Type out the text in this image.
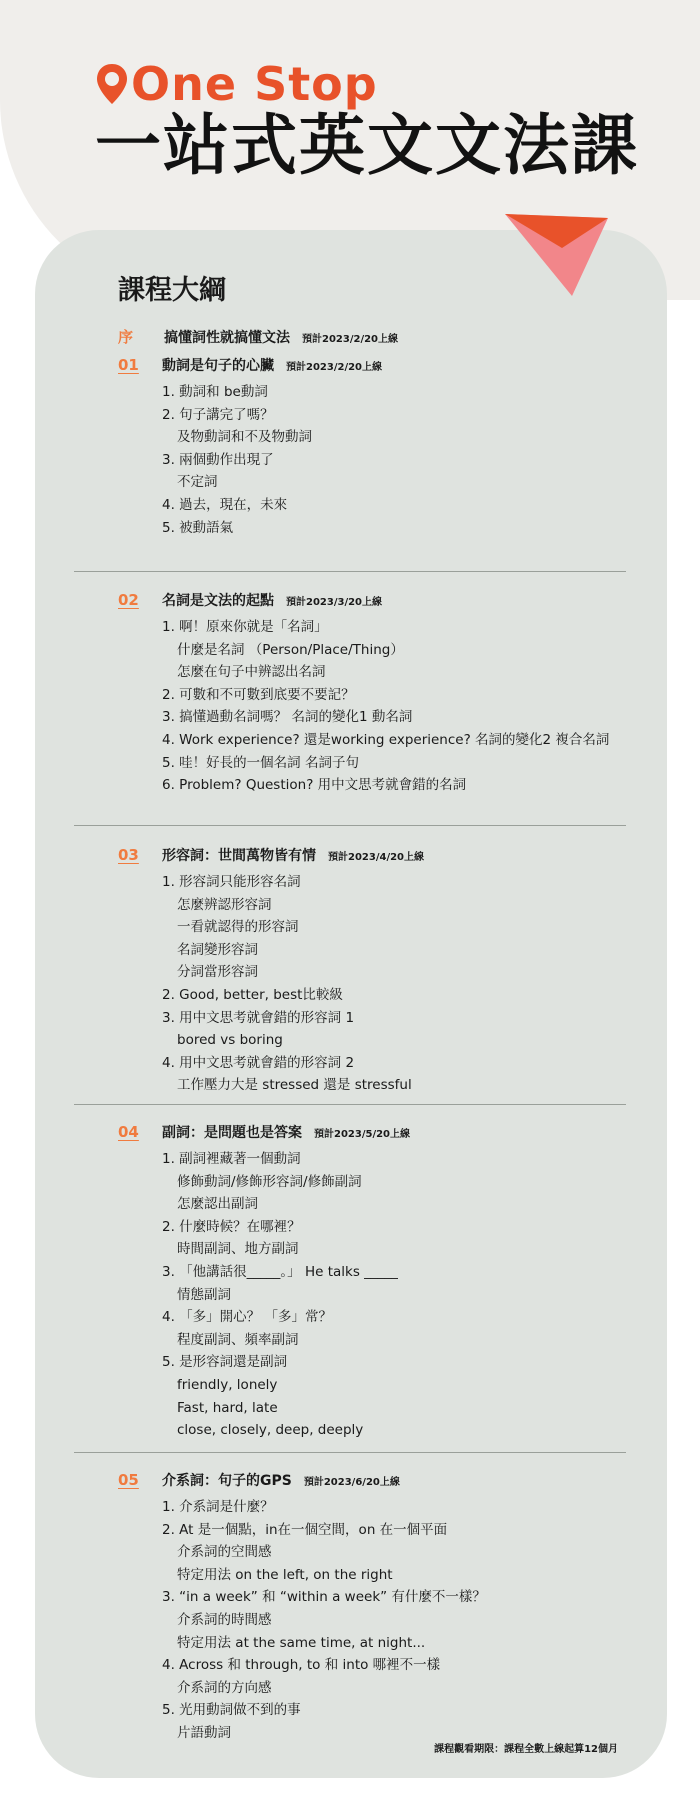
One Stop
一站式英文文法課
課程大綱
序	搞懂詞性就搞懂文法 預計2023/2/20上線
01	動詞是句子的心臟 預計2023/2/20上線
1. 動詞和 be動詞
2. 句子講完了嗎？
及物動詞和不及物動詞
3. 兩個動作出現了
不定詞
4. 過去，現在，未來
5. 被動語氣
02	名詞是文法的起點 預計2023/3/20上線
1. 啊！原來你就是「名詞」
什麼是名詞 （Person/Place/Thing）
怎麼在句子中辨認出名詞
2. 可數和不可數到底要不要記？
3. 搞懂過動名詞嗎？ 名詞的變化1 動名詞
4. Work experience? 還是working experience? 名詞的變化2 複合名詞
5. 哇！好長的一個名詞 名詞子句
6. Problem? Question? 用中文思考就會錯的名詞
03	形容詞：世間萬物皆有情 預計2023/4/20上線
1. 形容詞只能形容名詞
怎麼辨認形容詞
一看就認得的形容詞
名詞變形容詞
分詞當形容詞
2. Good, better, best比較級
3. 用中文思考就會錯的形容詞 1
bored vs boring
4. 用中文思考就會錯的形容詞 2
工作壓力大是 stressed 還是 stressful
04	副詞：是問題也是答案 預計2023/5/20上線
1. 副詞裡藏著一個動詞
修飾動詞/修飾形容詞/修飾副詞
怎麼認出副詞
2. 什麼時候？在哪裡？
時間副詞、地方副詞
3. 「他講話很_____。」 He talks _____
情態副詞
4. 「多」開心？ 「多」常？
程度副詞、頻率副詞
5. 是形容詞還是副詞
friendly, lonely
Fast, hard, late
close, closely, deep, deeply
05	介系詞：句子的GPS 預計2023/6/20上線
1. 介系詞是什麼？
2. At 是一個點，in在一個空間，on 在一個平面
介系詞的空間感
特定用法 on the left, on the right
3. “in a week” 和 “within a week” 有什麼不一樣？
介系詞的時間感
特定用法 at the same time, at night...
4. Across 和 through, to 和 into 哪裡不一樣
介系詞的方向感
5. 光用動詞做不到的事
片語動詞
課程觀看期限：課程全數上線起算12個月
